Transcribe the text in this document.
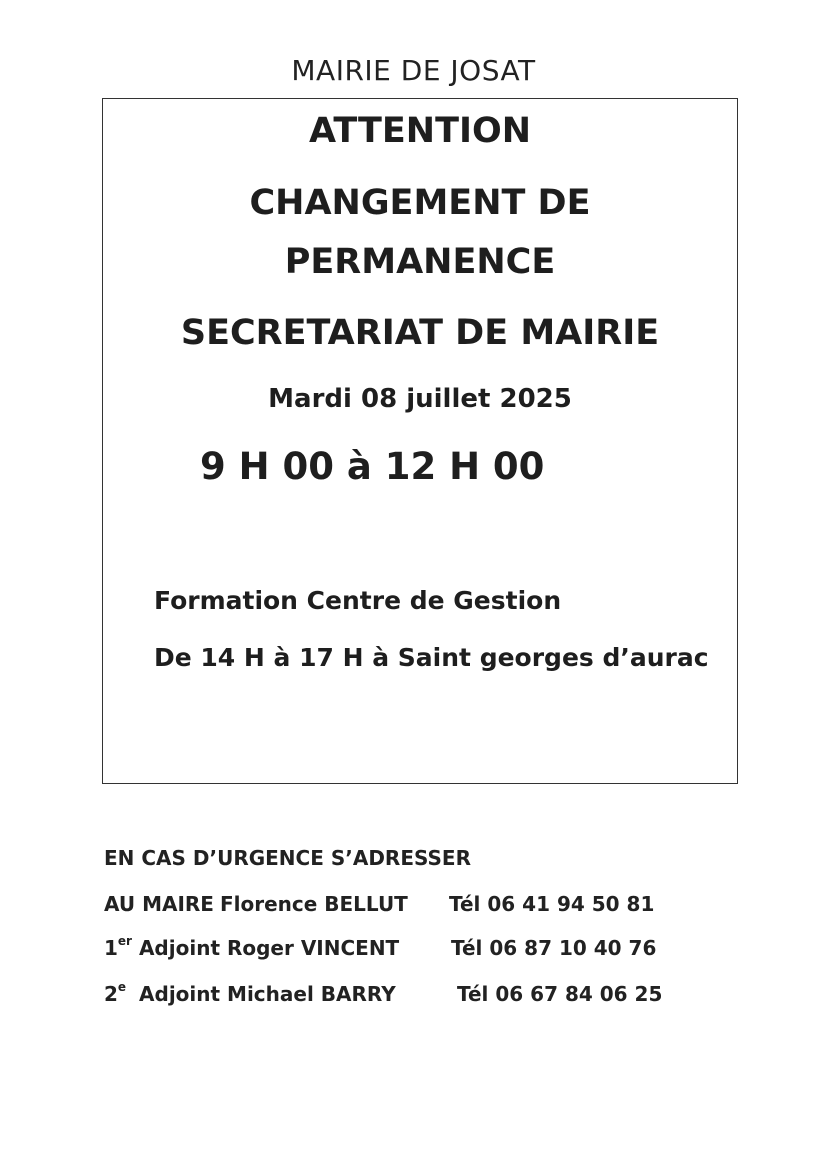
MAIRIE DE JOSAT
ATTENTION
CHANGEMENT DE
PERMANENCE
SECRETARIAT DE MAIRIE
Mardi 08 juillet 2025
9 H 00 à 12 H 00
Formation Centre de Gestion
De 14 H à 17 H à Saint georges d’aurac
EN CAS D’URGENCE S’ADRESSER
AU MAIRE Florence BELLUT Tél 06 41 94 50 81
1er Adjoint Roger VINCENT	Tél 06 87 10 40 76
2e Adjoint Michael BARRY	Tél 06 67 84 06 25
